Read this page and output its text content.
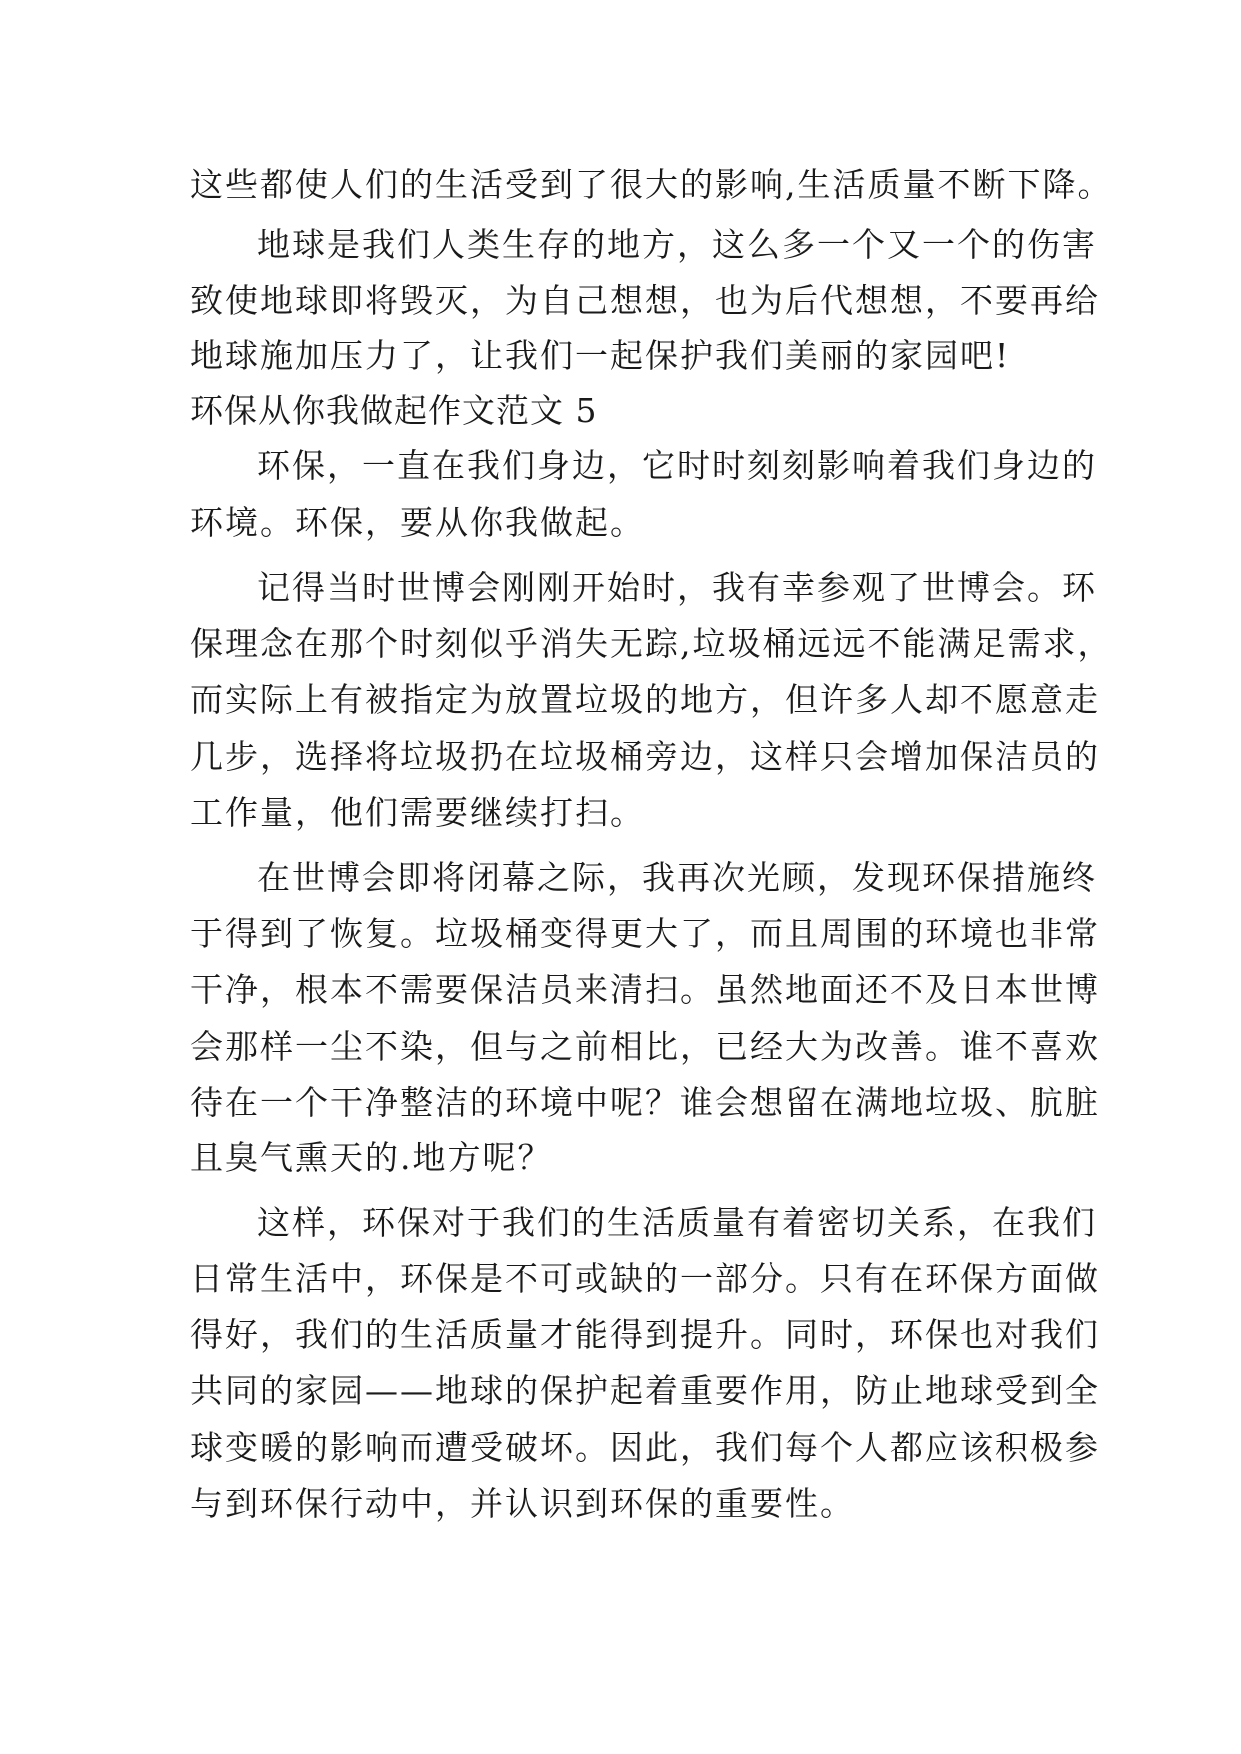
这些都使人们的生活受到了很大的影响,生活质量不断下降。
地球是我们人类生存的地方，这么多一个又一个的伤害
致使地球即将毁灭，为自己想想，也为后代想想，不要再给
地球施加压力了，让我们一起保护我们美丽的家园吧!
环保从你我做起作文范文 5
环保，一直在我们身边，它时时刻刻影响着我们身边的
环境。环保，要从你我做起。
记得当时世博会刚刚开始时，我有幸参观了世博会。环
保理念在那个时刻似乎消失无踪,垃圾桶远远不能满足需求，
而实际上有被指定为放置垃圾的地方，但许多人却不愿意走
几步，选择将垃圾扔在垃圾桶旁边，这样只会增加保洁员的
工作量，他们需要继续打扫。
在世博会即将闭幕之际，我再次光顾，发现环保措施终
于得到了恢复。垃圾桶变得更大了，而且周围的环境也非常
干净，根本不需要保洁员来清扫。虽然地面还不及日本世博
会那样一尘不染，但与之前相比，已经大为改善。谁不喜欢
待在一个干净整洁的环境中呢？谁会想留在满地垃圾、肮脏
且臭气熏天的.地方呢？
这样，环保对于我们的生活质量有着密切关系，在我们
日常生活中，环保是不可或缺的一部分。只有在环保方面做
得好，我们的生活质量才能得到提升。同时，环保也对我们
共同的家园——地球的保护起着重要作用，防止地球受到全
球变暖的影响而遭受破坏。因此，我们每个人都应该积极参
与到环保行动中，并认识到环保的重要性。
